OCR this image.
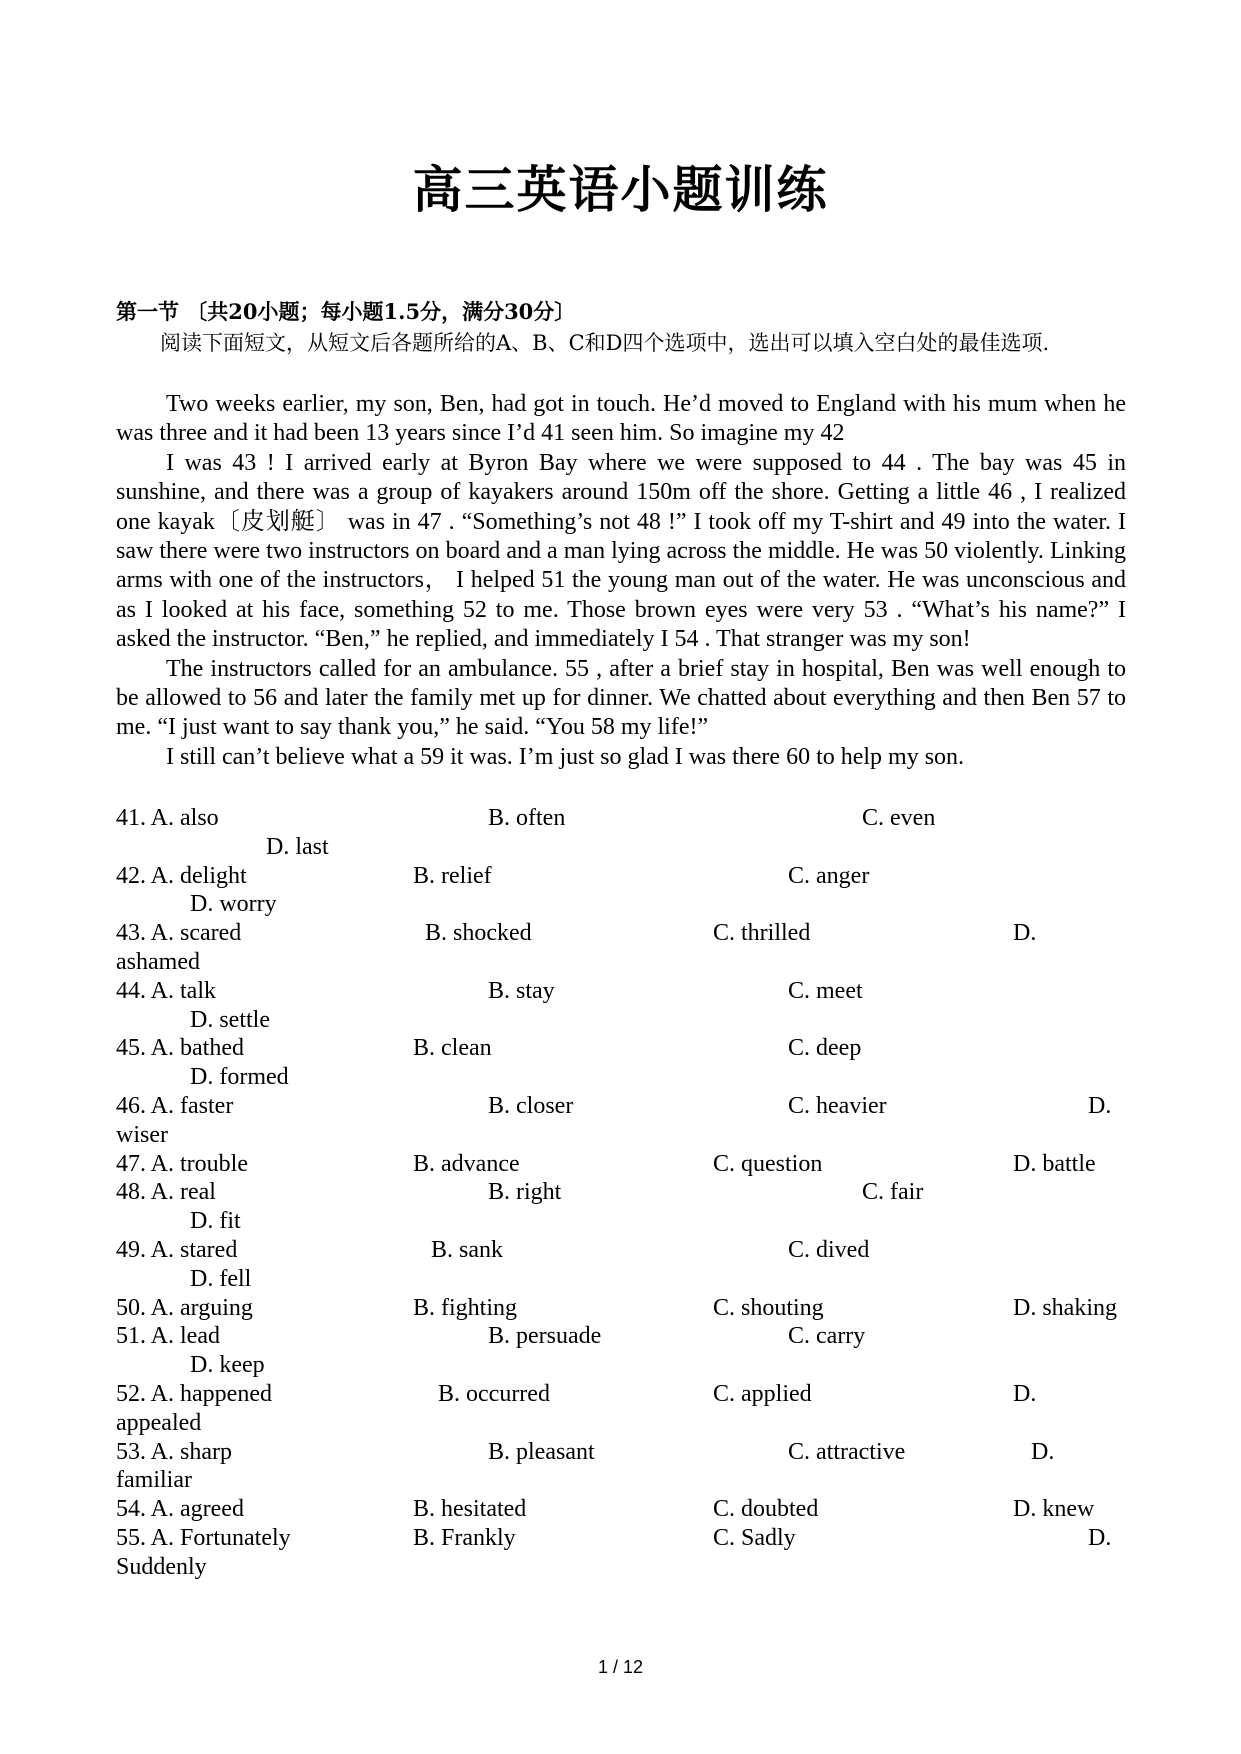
高三英语小题训练
第一节 〔共20小题；每小题1.5分，满分30分〕

阅读下面短文，从短文后各题所给的A、B、C和D四个选项中，选出可以填入空白处的最佳选项.

Two weeks earlier, my son, Ben, had got in touch. He’d moved to England with his mum when he was three and it had been 13 years since I’d 41 seen him. So imagine my 42

I was 43 ! I arrived early at Byron Bay where we were supposed to 44 . The bay was 45 in sunshine, and there was a group of kayakers around 150m off the shore. Getting a little 46 , I realized one kayak〔皮划艇〕 was in 47 . “Something’s not 48 !” I took off my T-shirt and 49 into the water. I saw there were two instructors on board and a man lying across the middle. He was 50 violently. Linking arms with one of the instructors， I helped 51 the young man out of the water. He was unconscious and as I looked at his face, something 52 to me. Those brown eyes were very 53 . “What’s his name?” I asked the instructor. “Ben,” he replied, and immediately I 54 . That stranger was my son!

The instructors called for an ambulance. 55 , after a brief stay in hospital, Ben was well enough to be allowed to 56 and later the family met up for dinner. We chatted about everything and then Ben 57 to me. “I just want to say thank you,” he said. “You 58 my life!”

I still can’t believe what a 59 it was. I’m just so glad I was there 60 to help my son.

41. A. also	B. often	C. even
D. last
42. A. delight	B. relief	C. anger
D. worry
43. A. scared	B. shocked	C. thrilled	D.
ashamed
44. A. talk	B. stay	C. meet
D. settle
45. A. bathed	B. clean	C. deep
D. formed
46. A. faster	B. closer	C. heavier	D.
wiser
47. A. trouble	B. advance	C. question	D. battle
48. A. real	B. right	C. fair
D. fit
49. A. stared	B. sank	C. dived
D. fell
50. A. arguing	B. fighting	C. shouting	D. shaking
51. A. lead	B. persuade	C. carry
D. keep
52. A. happened	B. occurred	C. applied	D.
appealed
53. A. sharp	B. pleasant	C. attractive	D.
familiar
54. A. agreed	B. hesitated	C. doubted	D. knew
55. A. Fortunately	B. Frankly	C. Sadly	D.
Suddenly
1 / 12
